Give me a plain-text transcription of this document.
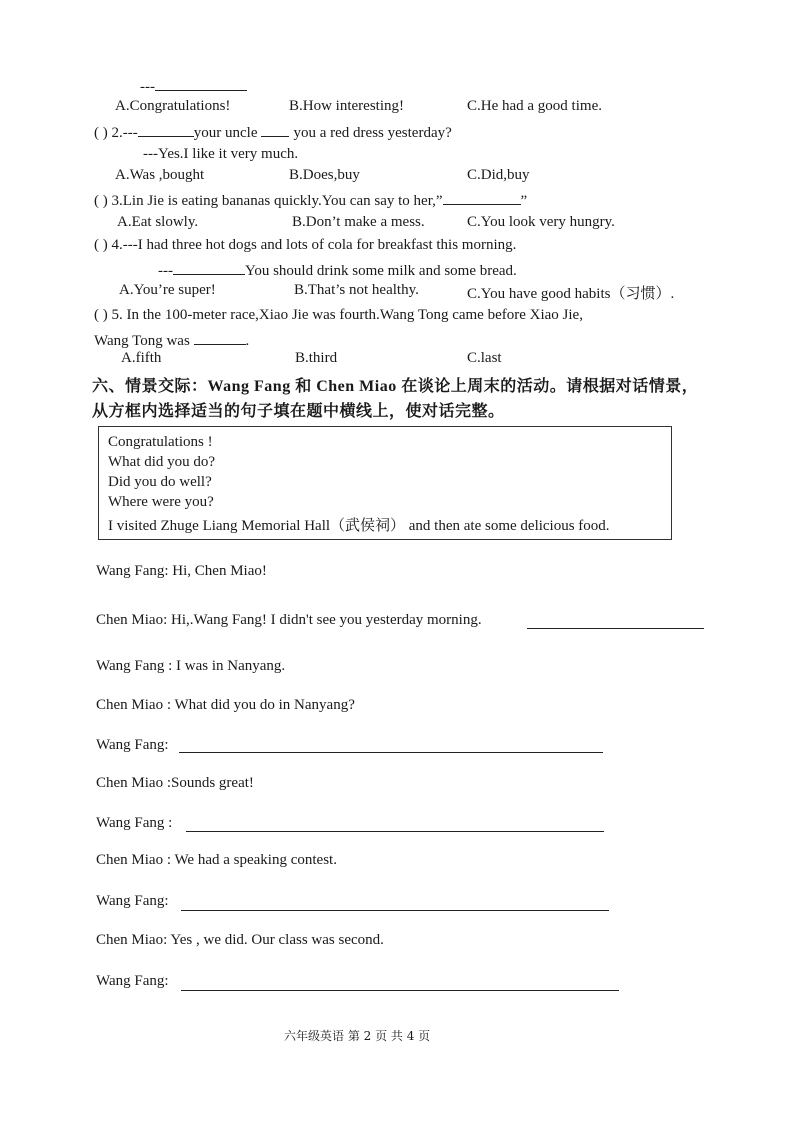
---
A.Congratulations!	B.How interesting!	C.He had a good time.
( ) 2.---	your uncle you a red dress yesterday?
---Yes.I like it very much.
A.Was ,bought	B.Does,buy	C.Did,buy
( ) 3.Lin Jie is eating bananas quickly.You can say to her,”	”
A.Eat slowly.	B.Don’t make a mess.	C.You look very hungry.
( ) 4.---I had three hot dogs and lots of cola for breakfast this morning.
---	You should drink some milk and some bread.
A.You’re super!	B.That’s not healthy.	C.You have good habits（习惯）.
( ) 5. In the 100-meter race,Xiao Jie was fourth.Wang Tong came before Xiao Jie,
Wang Tong was	.
A.fifth	B.third	C.last
六、情景交际：Wang Fang 和 Chen Miao 在谈论上周末的活动。请根据对话情景，
从方框内选择适当的句子填在题中横线上，使对话完整。
Congratulations !
What did you do?
Did you do well?
Where were you?
I visited Zhuge Liang Memorial Hall（武侯祠） and then ate some delicious food.
Wang Fang: Hi, Chen Miao!
Chen Miao: Hi,.Wang Fang! I didn't see you yesterday morning.
Wang Fang : I was in Nanyang.
Chen Miao : What did you do in Nanyang?
Wang Fang:
Chen Miao :Sounds great!
Wang Fang :
Chen Miao : We had a speaking contest.
Wang Fang:
Chen Miao: Yes , we did. Our class was second.
Wang Fang:
六年级英语 第 2 页 共 4 页
